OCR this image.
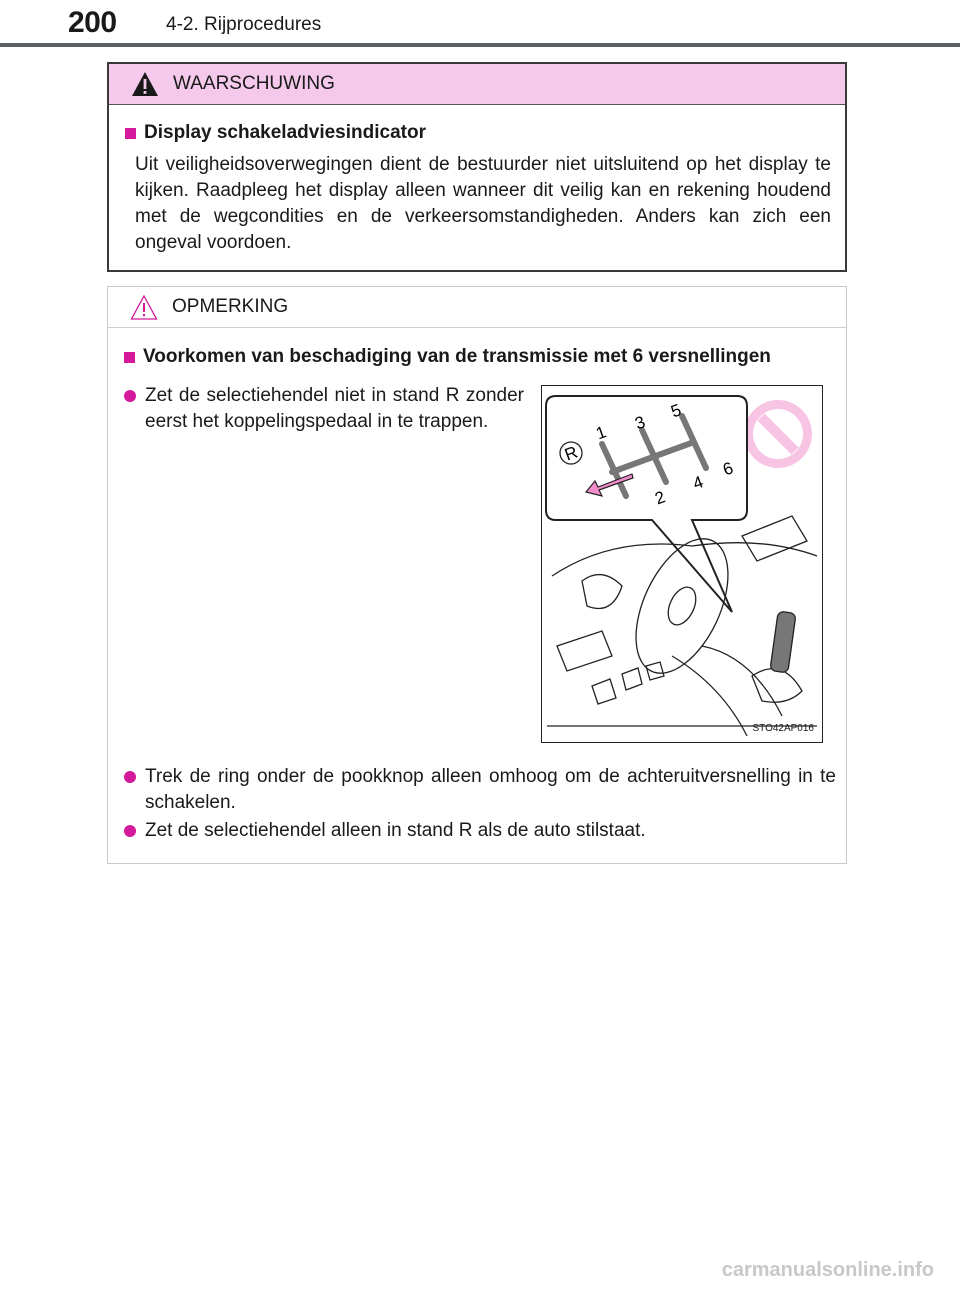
200	4-2. Rijprocedures
WAARSCHUWING
Display schakeladviesindicator
Uit veiligheidsoverwegingen dient de bestuurder niet uitsluitend op het display te kijken. Raadpleeg het display alleen wanneer dit veilig kan en rekening houdend met de wegcondities en de verkeersomstandigheden. Anders kan zich een ongeval voordoen.
OPMERKING
Voorkomen van beschadiging van de transmissie met 6 versnellingen
Zet de selectiehendel niet in stand R zonder eerst het koppelingspedaal in te trappen.
R
1
2
3
4
5
6
STO42AP016
Trek de ring onder de pookknop alleen omhoog om de achteruitversnelling in te schakelen.
Zet de selectiehendel alleen in stand R als de auto stilstaat.
carmanualsonline.info
